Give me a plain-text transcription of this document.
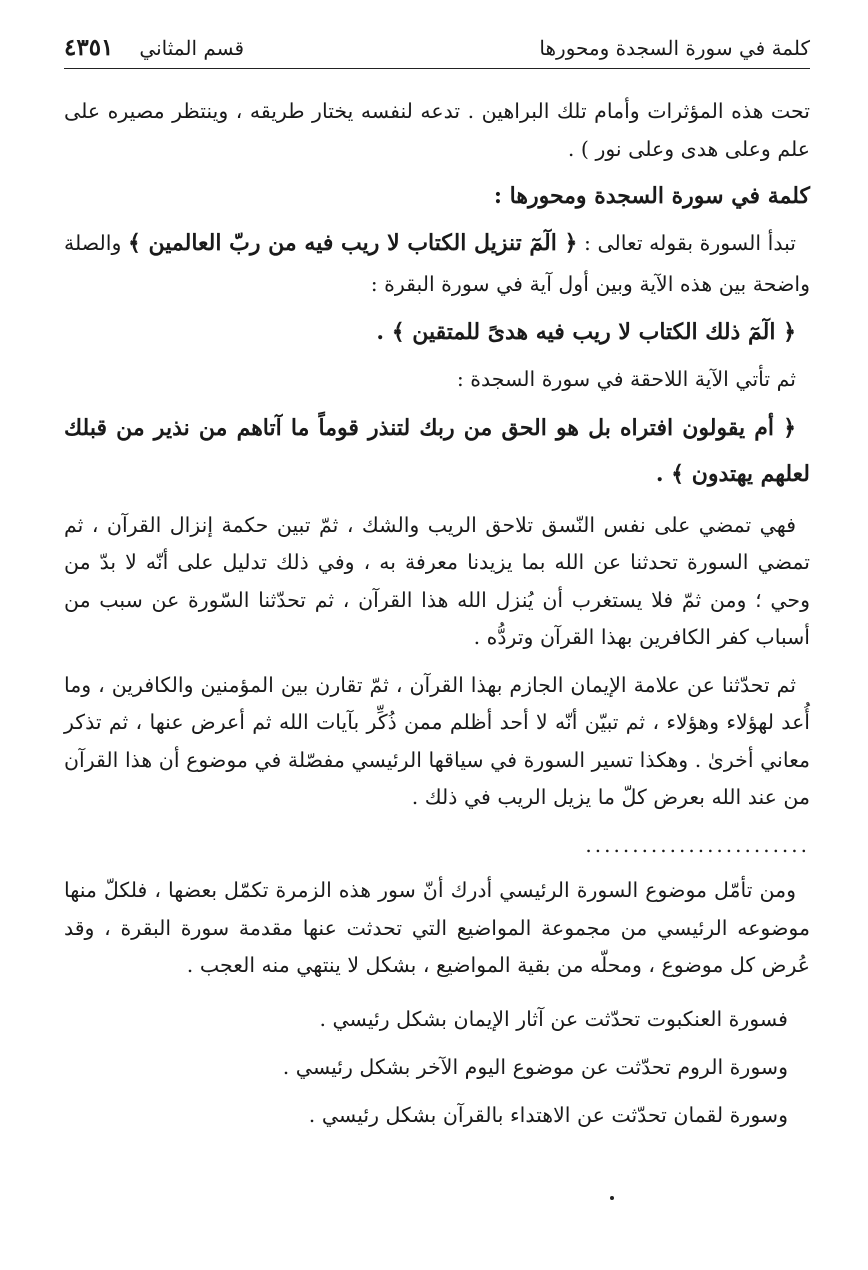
كلمة في سورة السجدة ومحورها
قسم المثاني
٤٣٥١

تحت هذه المؤثرات وأمام تلك البراهين . تدعه لنفسه يختار طريقه ، وينتظر مصيره على علم وعلى هدى وعلى نور ) .

كلمة في سورة السجدة ومحورها :

تبدأ السورة بقوله تعالى : ﴿ الٓمٓ تنزيل الكتاب لا ريب فيه من ربّ العالمين ﴾ والصلة واضحة بين هذه الآية وبين أول آية في سورة البقرة :

﴿ الٓمٓ ذلك الكتاب لا ريب فيه هدىً للمتقين ﴾ .

ثم تأتي الآية اللاحقة في سورة السجدة :

﴿ أم يقولون افتراه بل هو الحق من ربك لتنذر قوماً ما آتاهم من نذير من قبلك لعلهم يهتدون ﴾ .

فهي تمضي على نفس النّسق تلاحق الريب والشك ، ثمّ تبين حكمة إنزال القرآن ، ثم تمضي السورة تحدثنا عن الله بما يزيدنا معرفة به ، وفي ذلك تدليل على أنّه لا بدّ من وحي ؛ ومن ثمّ فلا يستغرب أن يُنزل الله هذا القرآن ، ثم تحدّثنا السّورة عن سبب من أسباب كفر الكافرين بهذا القرآن وتردُّه .

ثم تحدّثنا عن علامة الإيمان الجازم بهذا القرآن ، ثمّ تقارن بين المؤمنين والكافرين ، وما أُعد لهؤلاء وهؤلاء ، ثم تبيّن أنّه لا أحد أظلم ممن ذُكِّر بآيات الله ثم أعرض عنها ، ثم تذكر معاني أخرىٰ . وهكذا تسير السورة في سياقها الرئيسي مفصّلة في موضوع أن هذا القرآن من عند الله بعرض كلّ ما يزيل الريب في ذلك .

........................

ومن تأمّل موضوع السورة الرئيسي أدرك أنّ سور هذه الزمرة تكمّل بعضها ، فلكلّ منها موضوعه الرئيسي من مجموعة المواضيع التي تحدثت عنها مقدمة سورة البقرة ، وقد عُرض كل موضوع ، ومحلّه من بقية المواضيع ، بشكل لا ينتهي منه العجب .

فسورة العنكبوت تحدّثت عن آثار الإيمان بشكل رئيسي .

وسورة الروم تحدّثت عن موضوع اليوم الآخر بشكل رئيسي .

وسورة لقمان تحدّثت عن الاهتداء بالقرآن بشكل رئيسي .
